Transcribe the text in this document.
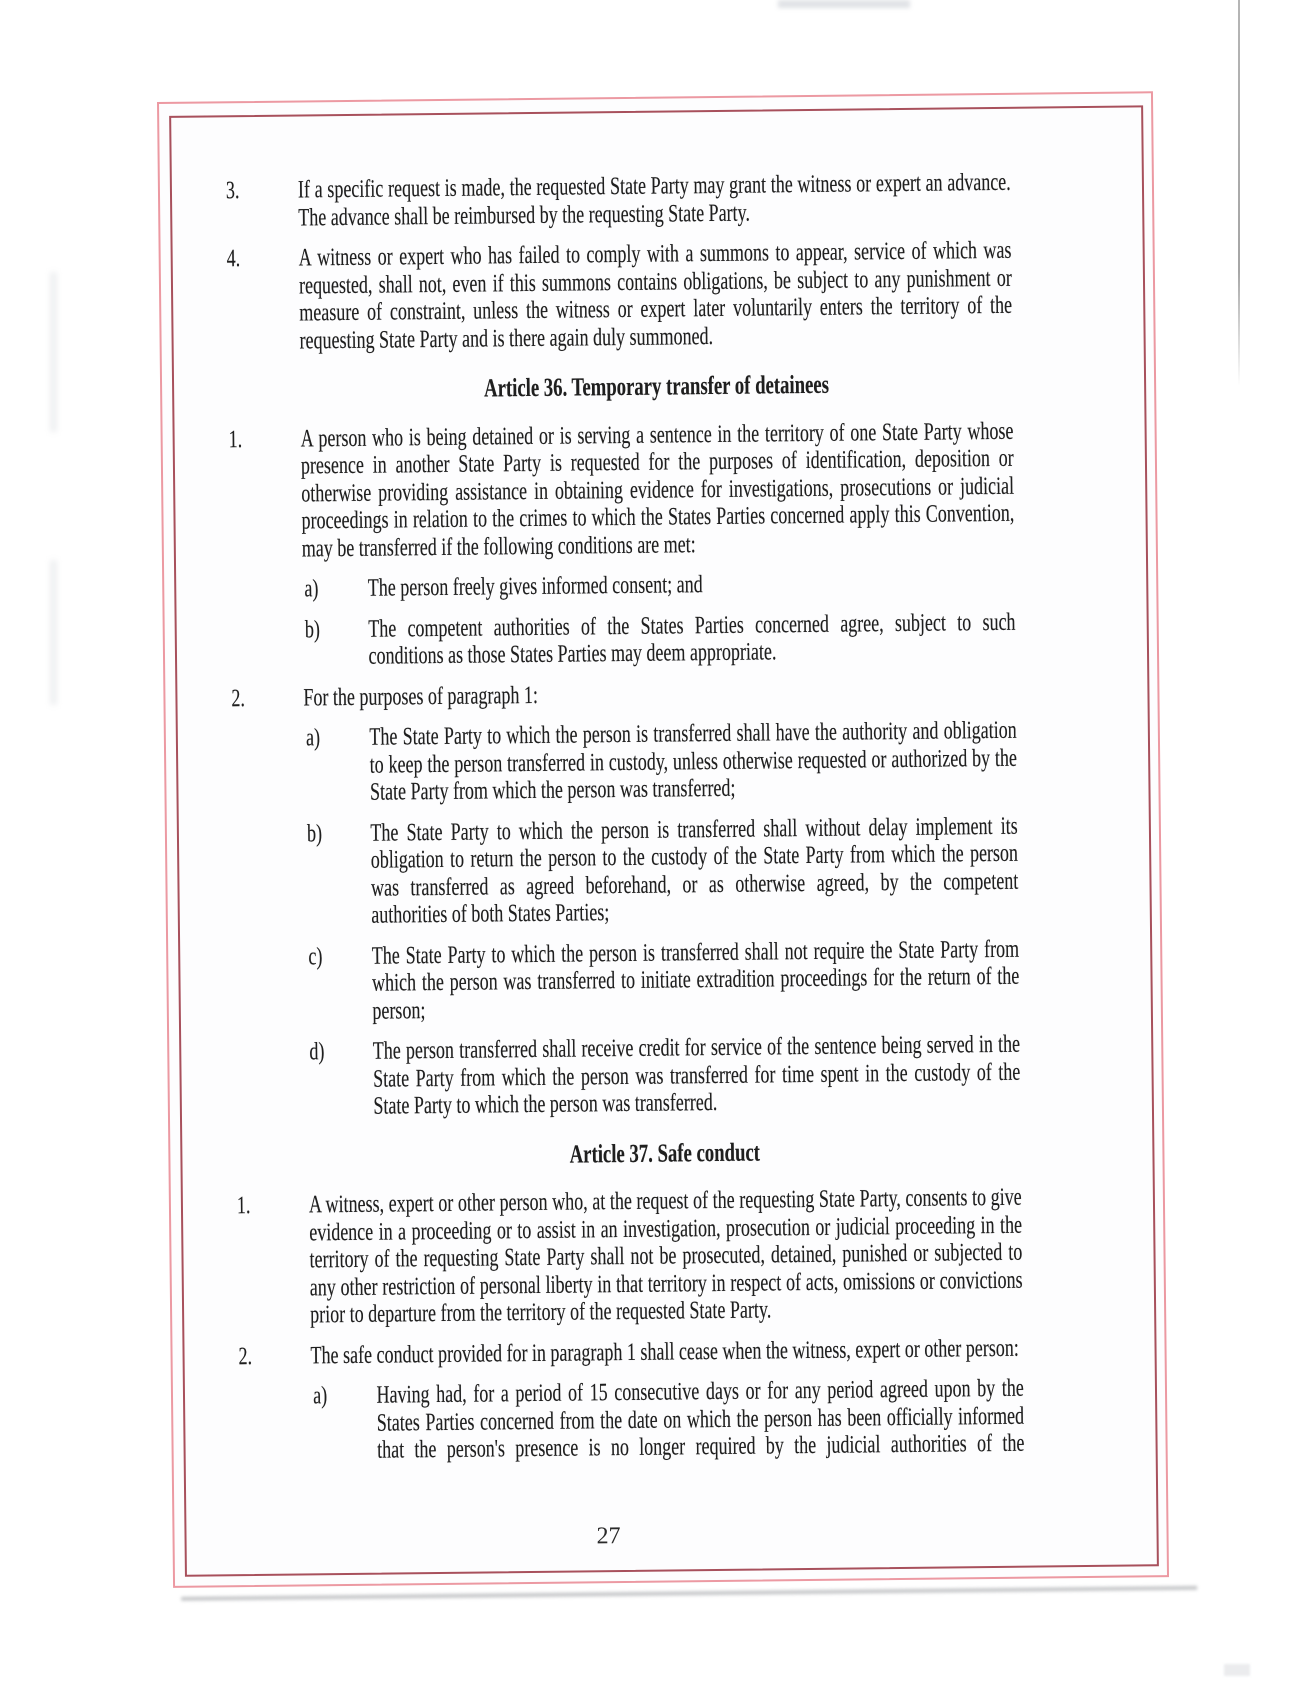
3.	If a specific request is made, the requested State Party may grant the witness or expert an advance. The advance shall be reimbursed by the requesting State Party.
4.	A witness or expert who has failed to comply with a summons to appear, service of which was requested, shall not, even if this summons contains obligations, be subject to any punishment or measure of constraint, unless the witness or expert later voluntarily enters the territory of the requesting State Party and is there again duly summoned.
Article 36. Temporary transfer of detainees
1.	A person who is being detained or is serving a sentence in the territory of one State Party whose presence in another State Party is requested for the purposes of identification, deposition or otherwise providing assistance in obtaining evidence for investigations, prosecutions or judicial proceedings in relation to the crimes to which the States Parties concerned apply this Convention, may be transferred if the following conditions are met:
a)	The person freely gives informed consent; and
b)	The competent authorities of the States Parties concerned agree, subject to such conditions as those States Parties may deem appropriate.
2.	For the purposes of paragraph 1:
a)	The State Party to which the person is transferred shall have the authority and obligation to keep the person transferred in custody, unless otherwise requested or authorized by the State Party from which the person was transferred;
b)	The State Party to which the person is transferred shall without delay implement its obligation to return the person to the custody of the State Party from which the person was transferred as agreed beforehand, or as otherwise agreed, by the competent authorities of both States Parties;
c)	The State Party to which the person is transferred shall not require the State Party from which the person was transferred to initiate extradition proceedings for the return of the person;
d)	The person transferred shall receive credit for service of the sentence being served in the State Party from which the person was transferred for time spent in the custody of the State Party to which the person was transferred.
Article 37. Safe conduct
1.	A witness, expert or other person who, at the request of the requesting State Party, consents to give evidence in a proceeding or to assist in an investigation, prosecution or judicial proceeding in the territory of the requesting State Party shall not be prosecuted, detained, punished or subjected to any other restriction of personal liberty in that territory in respect of acts, omissions or convictions prior to departure from the territory of the requested State Party.
2.	The safe conduct provided for in paragraph 1 shall cease when the witness, expert or other person:
a)	Having had, for a period of 15 consecutive days or for any period agreed upon by the States Parties concerned from the date on which the person has been officially informed that the person's presence is no longer required by the judicial authorities of the
27
